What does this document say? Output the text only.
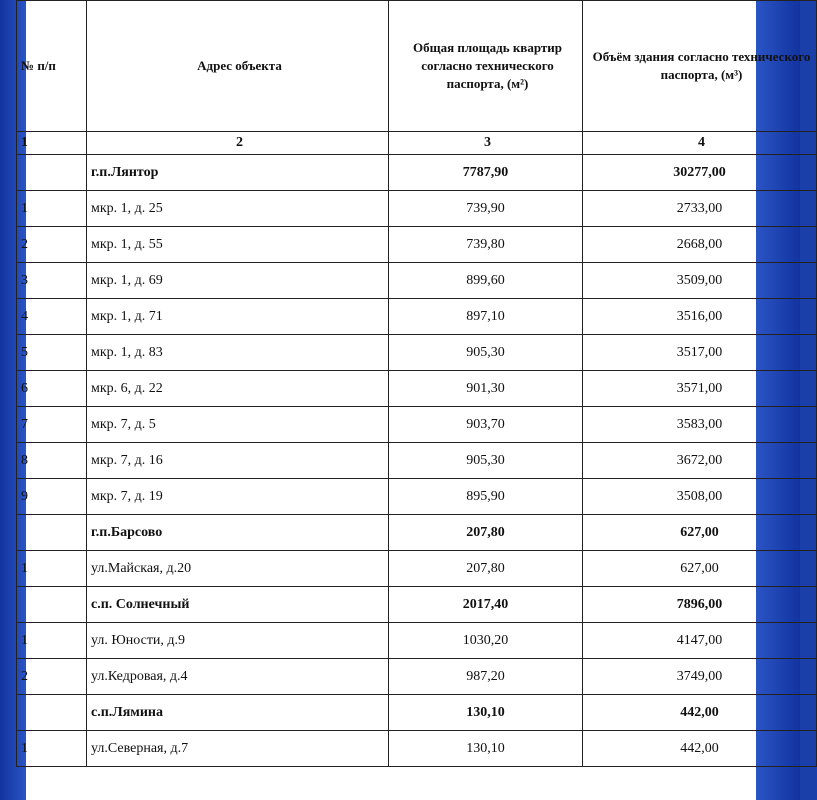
№ п/п	Адрес объекта	Общая площадь квартир согласно технического паспорта, (м²)	Объём здания согласно технического паспорта, (м³)
1	2	3	4
	г.п.Лянтор	7787,90	30277,00
1	мкр. 1, д. 25	739,90	2733,00
2	мкр. 1, д. 55	739,80	2668,00
3	мкр. 1, д. 69	899,60	3509,00
4	мкр. 1, д. 71	897,10	3516,00
5	мкр. 1, д. 83	905,30	3517,00
6	мкр. 6, д. 22	901,30	3571,00
7	мкр. 7, д. 5	903,70	3583,00
8	мкр. 7, д. 16	905,30	3672,00
9	мкр. 7, д. 19	895,90	3508,00
	г.п.Барсово	207,80	627,00
1	ул.Майская, д.20	207,80	627,00
	с.п. Солнечный	2017,40	7896,00
1	ул. Юности, д.9	1030,20	4147,00
2	ул.Кедровая, д.4	987,20	3749,00
	с.п.Лямина	130,10	442,00
1	ул.Северная, д.7	130,10	442,00
